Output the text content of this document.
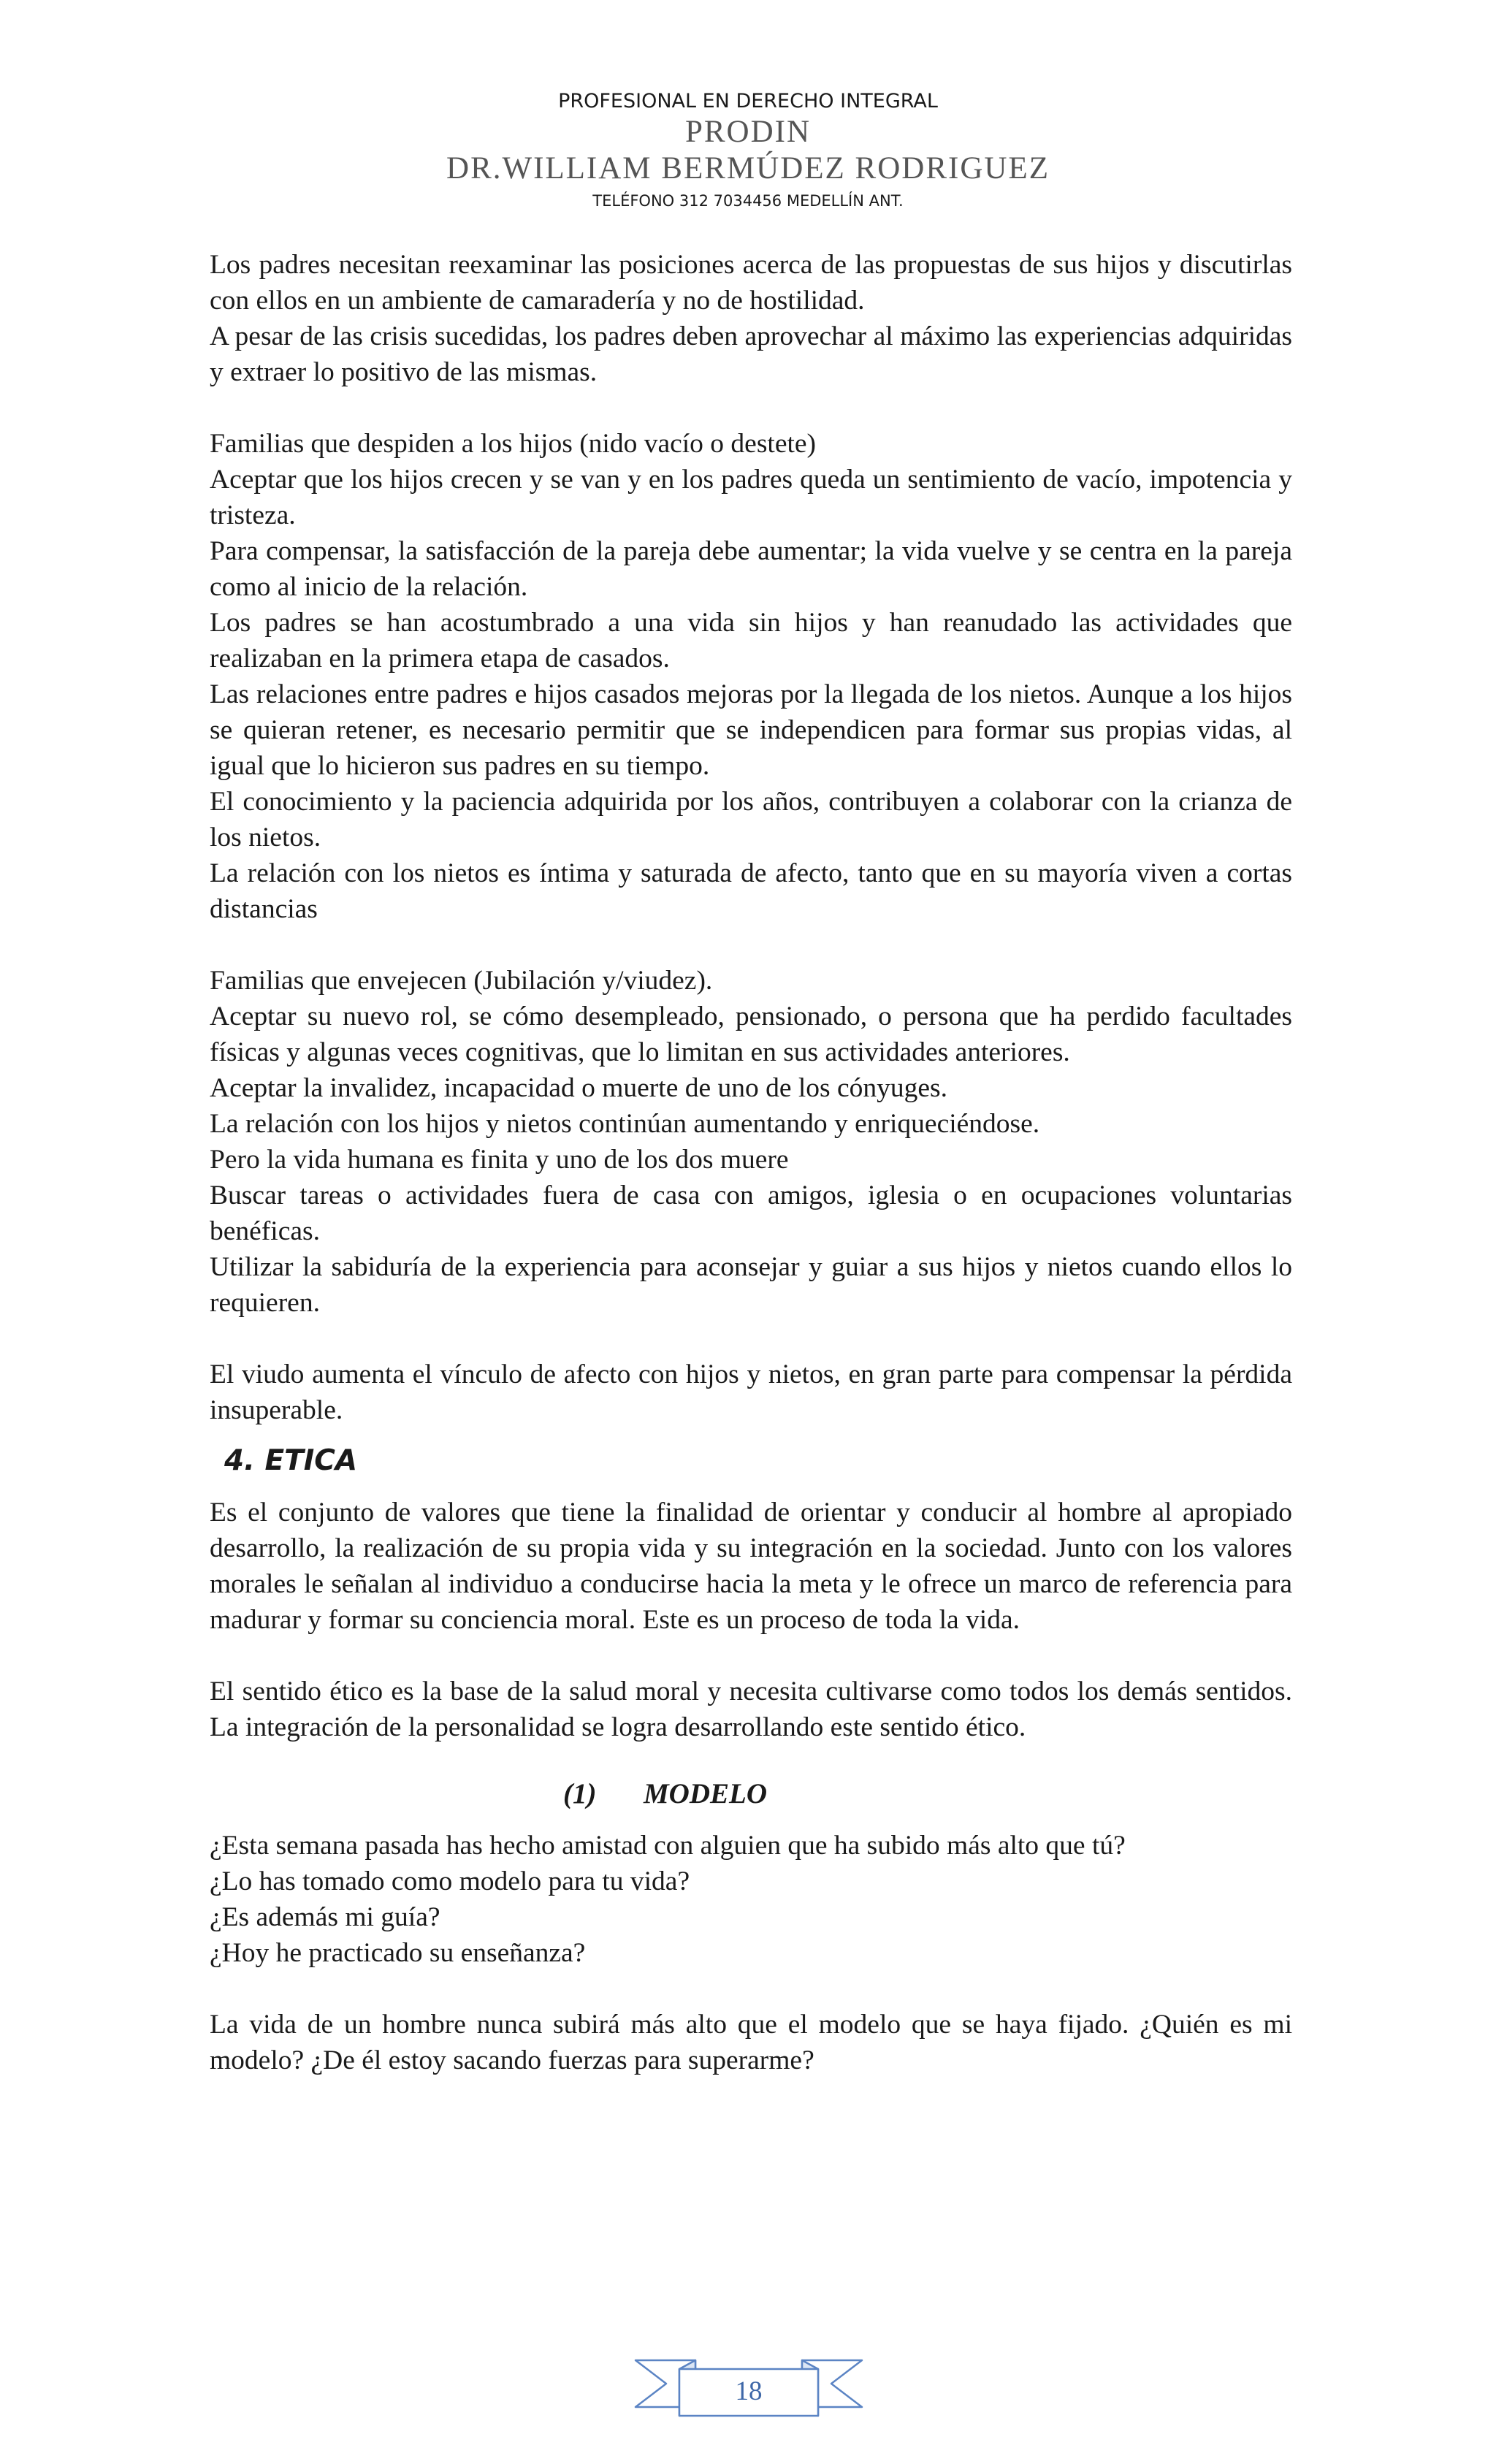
PROFESIONAL EN DERECHO INTEGRAL
PRODIN
DR.WILLIAM BERMÚDEZ RODRIGUEZ
TELÉFONO 312 7034456 MEDELLÍN ANT.

Los padres necesitan reexaminar las posiciones acerca de las propuestas de sus hijos y discutirlas con ellos en un ambiente de camaradería y no de hostilidad.

A pesar de las crisis sucedidas, los padres deben aprovechar al máximo las experiencias adquiridas y extraer lo positivo de las mismas.

Familias que despiden a los hijos (nido vacío o destete)

Aceptar que los hijos crecen y se van y en los padres queda un sentimiento de vacío, impotencia y tristeza.

Para compensar, la satisfacción de la pareja debe aumentar; la vida vuelve y se centra en la pareja como al inicio de la relación.

Los padres se han acostumbrado a una vida sin hijos y han reanudado las actividades que realizaban en la primera etapa de casados.

Las relaciones entre padres e hijos casados mejoras por la llegada de los nietos. Aunque a los hijos se quieran retener, es necesario permitir que se independicen para formar sus propias vidas, al igual que lo hicieron sus padres en su tiempo.

El conocimiento y la paciencia adquirida por los años, contribuyen a colaborar con la crianza de los nietos.

La relación con los nietos es íntima y saturada de afecto, tanto que en su mayoría viven a cortas distancias

Familias que envejecen (Jubilación y/viudez).

Aceptar su nuevo rol, se cómo desempleado, pensionado, o persona que ha perdido facultades físicas y algunas veces cognitivas, que lo limitan en sus actividades anteriores.

Aceptar la invalidez, incapacidad o muerte de uno de los cónyuges.

La relación con los hijos y nietos continúan aumentando y enriqueciéndose.

Pero la vida humana es finita y uno de los dos muere

Buscar tareas o actividades fuera de casa con amigos, iglesia o en ocupaciones voluntarias benéficas.

Utilizar la sabiduría de la experiencia para aconsejar y guiar a sus hijos y nietos cuando ellos lo requieren.

El viudo aumenta el vínculo de afecto con hijos y nietos, en gran parte para compensar la pérdida insuperable.

4. ETICA

Es el conjunto de valores que tiene la finalidad de orientar y conducir al hombre al apropiado desarrollo, la realización de su propia vida y su integración en la sociedad. Junto con los valores morales le señalan al individuo a conducirse hacia la meta y le ofrece un marco de referencia para madurar y formar su conciencia moral. Este es un proceso de toda la vida.

El sentido ético es la base de la salud moral y necesita cultivarse como todos los demás sentidos. La integración de la personalidad se logra desarrollando este sentido ético.

(1) MODELO

¿Esta semana pasada has hecho amistad con alguien que ha subido más alto que tú?

¿Lo has tomado como modelo para tu vida?

¿Es además mi guía?

¿Hoy he practicado su enseñanza?

La vida de un hombre nunca subirá más alto que el modelo que se haya fijado. ¿Quién es mi modelo? ¿De él estoy sacando fuerzas para superarme?

18
